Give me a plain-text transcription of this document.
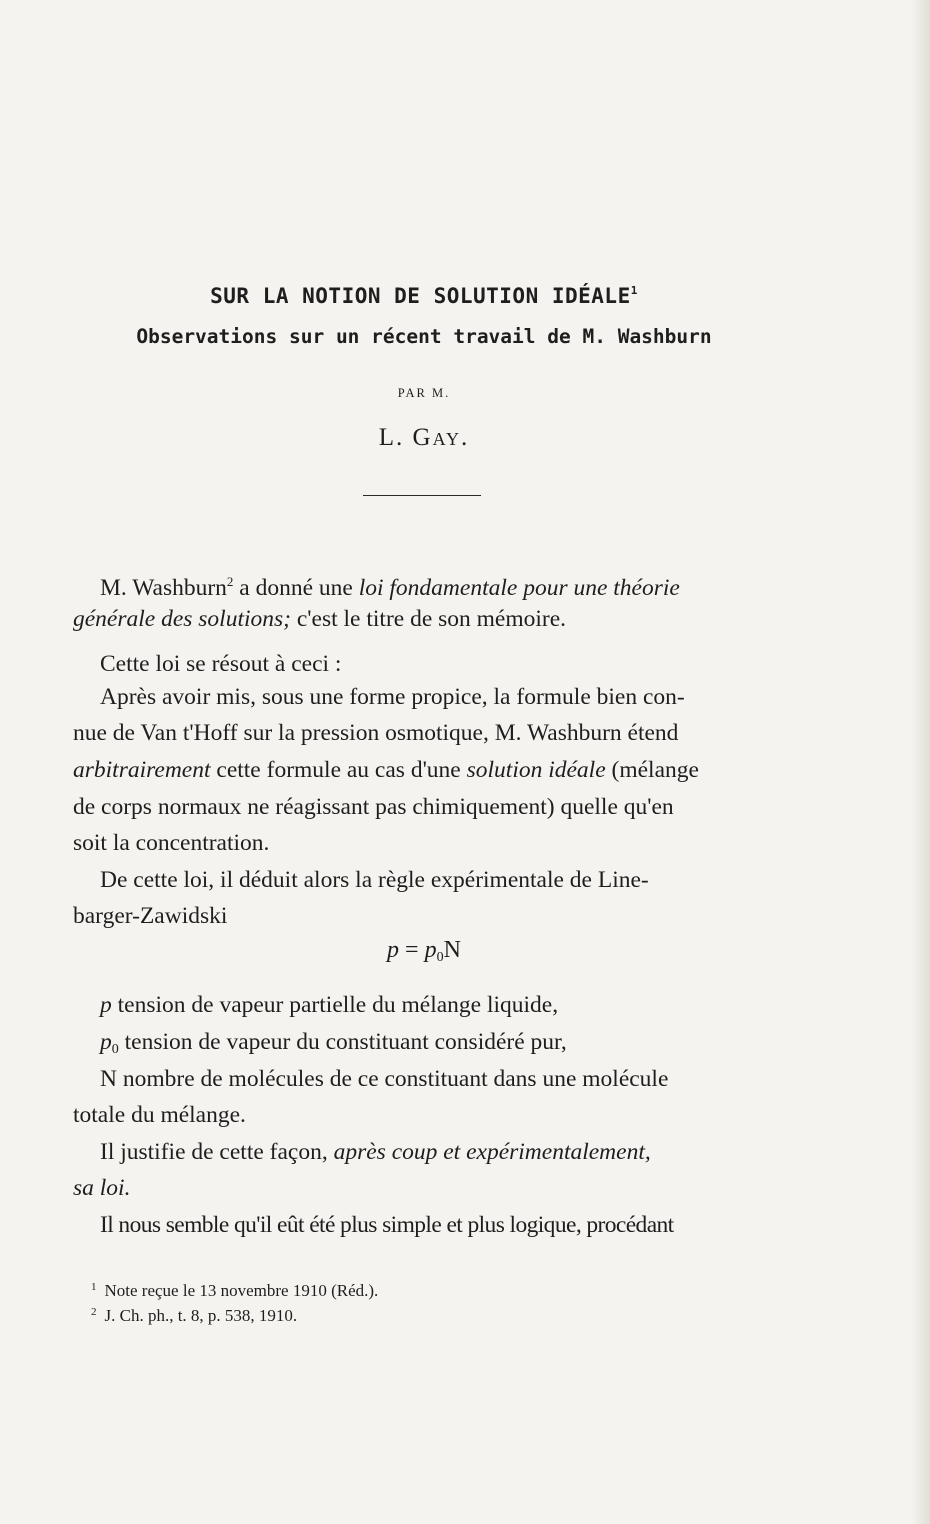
SUR LA NOTION DE SOLUTION IDÉALE$^1$
Observations sur un récent travail de M. Washburn
PAR M.
L. Gay.
M. Washburn$^2$ a donné une loi fondamentale pour une théorie
générale des solutions; c'est le titre de son mémoire.
Cette loi se résout à ceci :
Après avoir mis, sous une forme propice, la formule bien con-
nue de Van t'Hoff sur la pression osmotique, M. Washburn étend
arbitrairement cette formule au cas d'une solution idéale (mélange
de corps normaux ne réagissant pas chimiquement) quelle qu'en
soit la concentration.
De cette loi, il déduit alors la règle expérimentale de Line-
barger-Zawidski
$p = p_0N$
p tension de vapeur partielle du mélange liquide,
$p_0$ tension de vapeur du constituant considéré pur,
N nombre de molécules de ce constituant dans une molécule
totale du mélange.
Il justifie de cette façon, après coup et expérimentalement,
sa loi.
Il nous semble qu'il eût été plus simple et plus logique, procédant
$^1$ Note reçue le 13 novembre 1910 (Réd.).
$^2$ J. Ch. ph., t. 8, p. 538, 1910.
